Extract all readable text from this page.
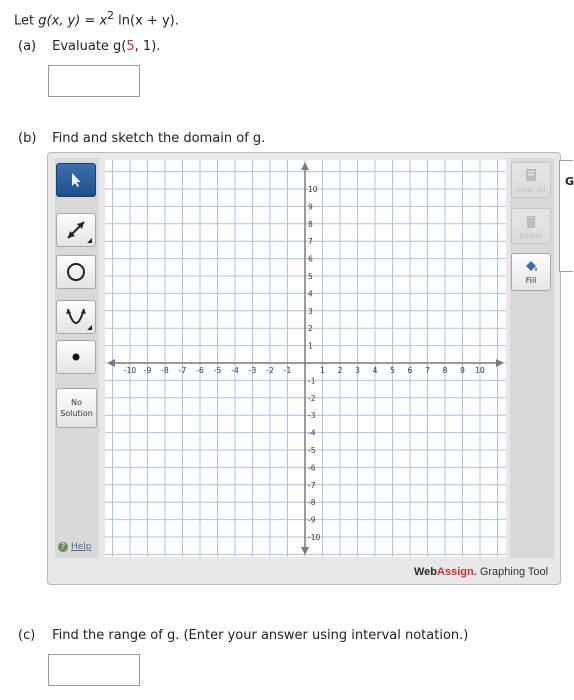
Let g(x, $y) = x^2$ ln(x + y).
(a) Evaluate g(5, 1).
(b) Find and sketch the domain of g.
No
Solution
? Help
Clear All
Delete
Fill
G
-10 -9 -8 -7 -6 -5 -4 -3 -2 -1	1 2 3 4 5 6 7 8 9 10
10
9
8
7
6
5
4
3
2
1
-1
-2
-3
-4
-5
-6
-7
-8
-9
-10
WebAssign. Graphing Tool
(c) Find the range of g. (Enter your answer using interval notation.)
